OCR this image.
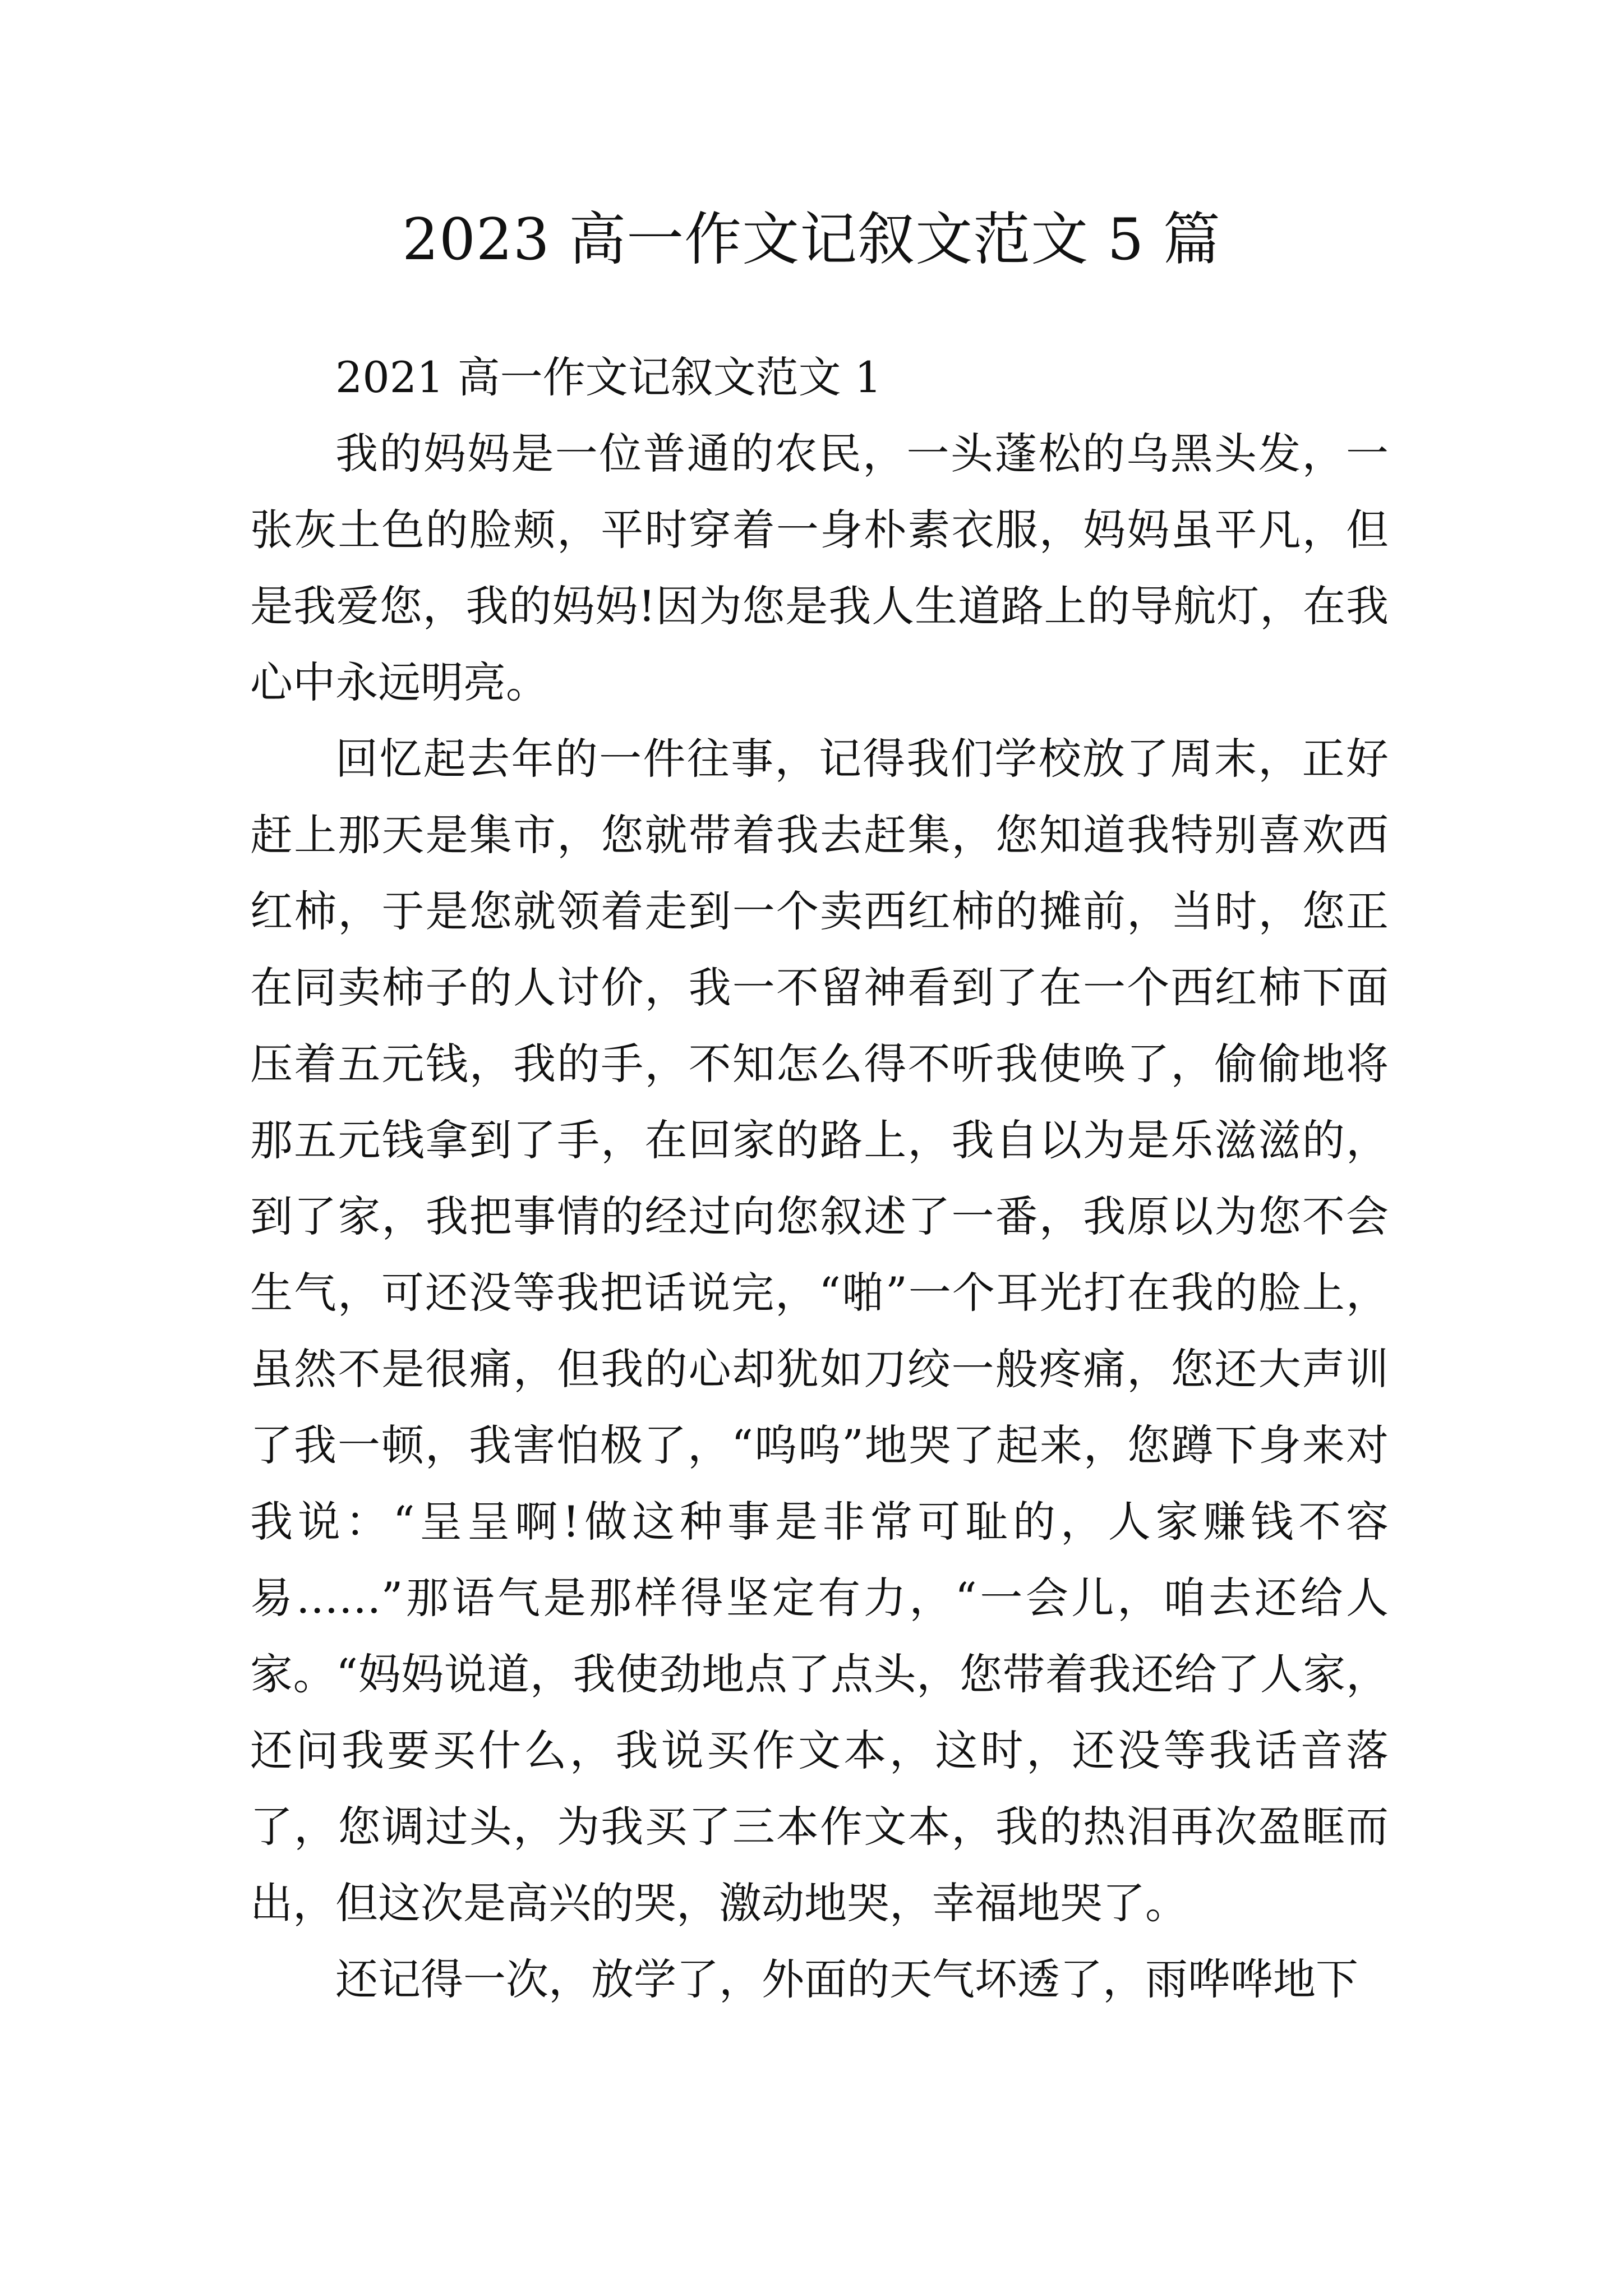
2023 高一作文记叙文范文 5 篇

2021 高一作文记叙文范文 1

我的妈妈是一位普通的农民，一头蓬松的乌黑头发，一张灰土色的脸颊，平时穿着一身朴素衣服，妈妈虽平凡，但是我爱您，我的妈妈!因为您是我人生道路上的导航灯，在我心中永远明亮。

回忆起去年的一件往事，记得我们学校放了周末，正好赶上那天是集市，您就带着我去赶集，您知道我特别喜欢西红柿，于是您就领着走到一个卖西红柿的摊前，当时，您正在同卖柿子的人讨价，我一不留神看到了在一个西红柿下面压着五元钱，我的手，不知怎么得不听我使唤了，偷偷地将那五元钱拿到了手，在回家的路上，我自以为是乐滋滋的，到了家，我把事情的经过向您叙述了一番，我原以为您不会生气，可还没等我把话说完，“啪”一个耳光打在我的脸上，虽然不是很痛，但我的心却犹如刀绞一般疼痛，您还大声训了我一顿，我害怕极了，“呜呜”地哭了起来，您蹲下身来对我说：“呈呈啊!做这种事是非常可耻的，人家赚钱不容易……”那语气是那样得坚定有力，“一会儿，咱去还给人家。“妈妈说道，我使劲地点了点头，您带着我还给了人家，还问我要买什么，我说买作文本，这时，还没等我话音落了，您调过头，为我买了三本作文本，我的热泪再次盈眶而出，但这次是高兴的哭，激动地哭，幸福地哭了。

还记得一次，放学了，外面的天气坏透了，雨哗哗地下
